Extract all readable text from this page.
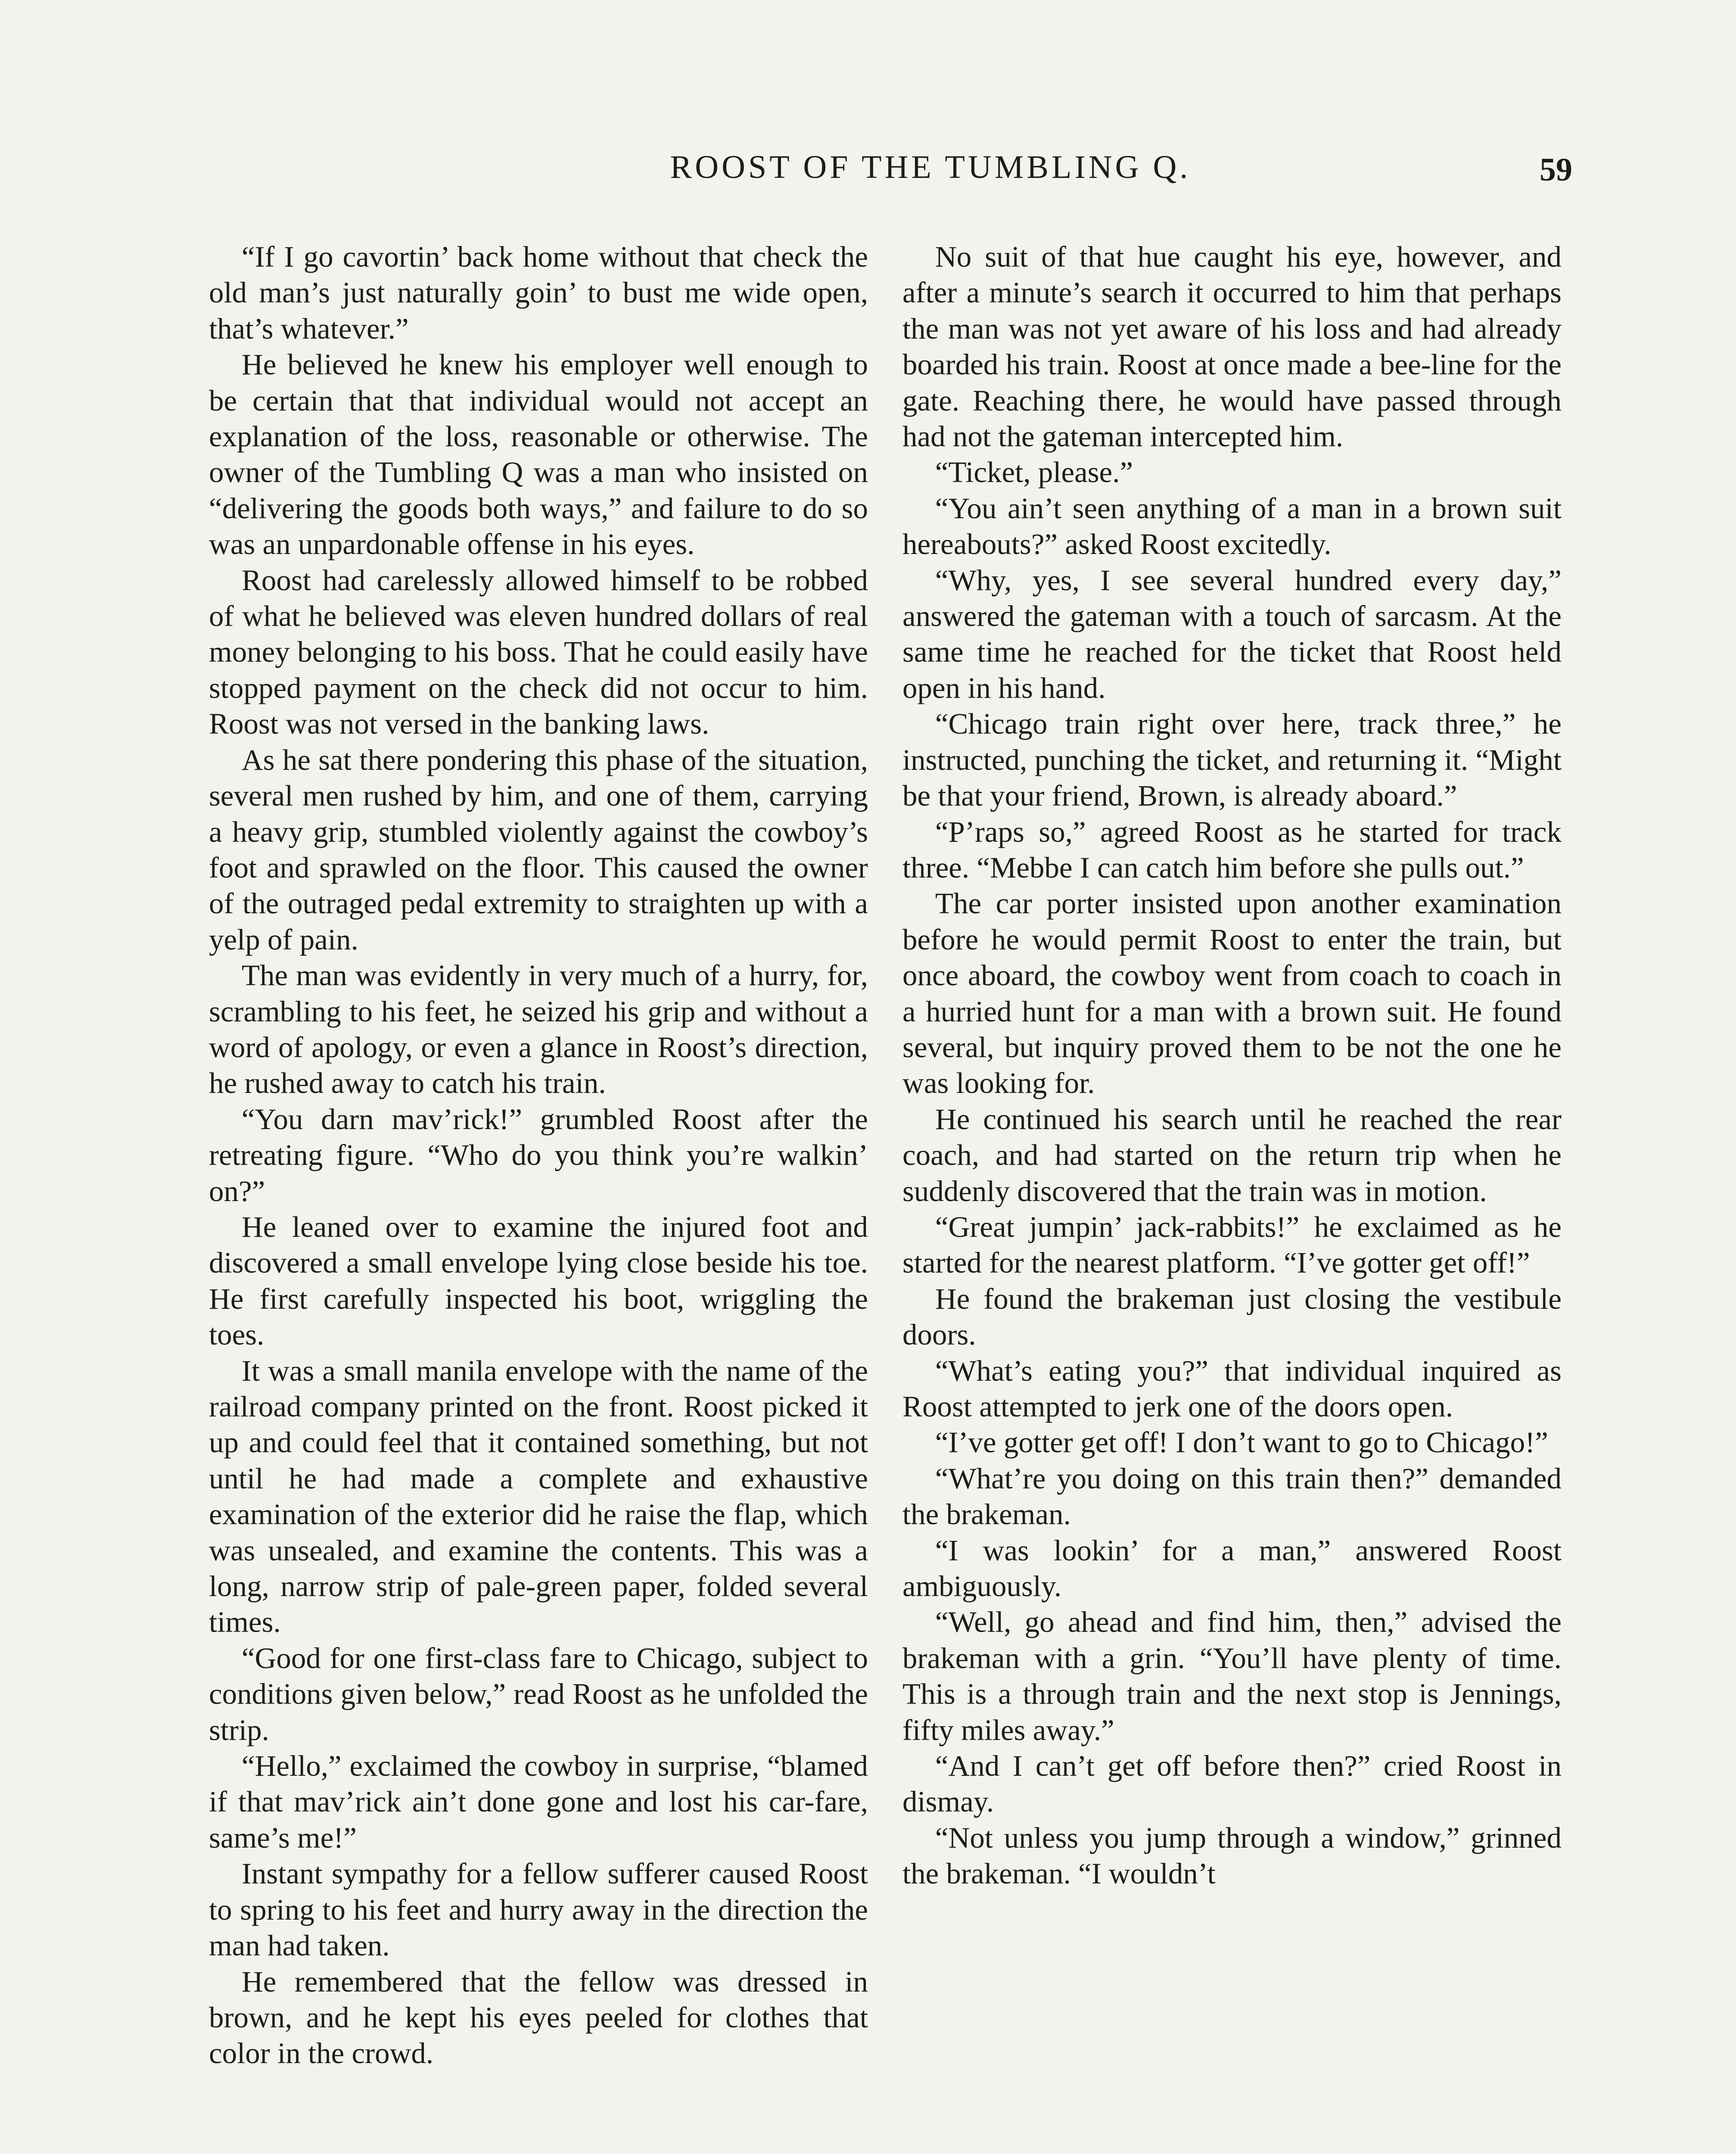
ROOST OF THE TUMBLING Q.	59

“If I go cavortin’ back home without that check the old man’s just naturally goin’ to bust me wide open, that’s whatever.”

He believed he knew his employer well enough to be certain that that individual would not accept an explanation of the loss, reasonable or otherwise. The owner of the Tumbling Q was a man who insisted on “delivering the goods both ways,” and failure to do so was an unpardonable offense in his eyes.

Roost had carelessly allowed himself to be robbed of what he believed was eleven hundred dollars of real money belonging to his boss. That he could easily have stopped payment on the check did not occur to him. Roost was not versed in the banking laws.

As he sat there pondering this phase of the situation, several men rushed by him, and one of them, carrying a heavy grip, stumbled violently against the cowboy’s foot and sprawled on the floor. This caused the owner of the outraged pedal extremity to straighten up with a yelp of pain.

The man was evidently in very much of a hurry, for, scrambling to his feet, he seized his grip and without a word of apology, or even a glance in Roost’s direction, he rushed away to catch his train.

“You darn mav’rick!” grumbled Roost after the retreating figure. “Who do you think you’re walkin’ on?”

He leaned over to examine the injured foot and discovered a small envelope lying close beside his toe. He first carefully inspected his boot, wriggling the toes.

It was a small manila envelope with the name of the railroad company printed on the front. Roost picked it up and could feel that it contained something, but not until he had made a complete and exhaustive examination of the exterior did he raise the flap, which was unsealed, and examine the contents. This was a long, narrow strip of pale-green paper, folded several times.

“Good for one first-class fare to Chicago, subject to conditions given below,” read Roost as he unfolded the strip.

“Hello,” exclaimed the cowboy in surprise, “blamed if that mav’rick ain’t done gone and lost his car-fare, same’s me!”

Instant sympathy for a fellow sufferer caused Roost to spring to his feet and hurry away in the direction the man had taken.

He remembered that the fellow was dressed in brown, and he kept his eyes peeled for clothes that color in the crowd.

No suit of that hue caught his eye, however, and after a minute’s search it occurred to him that perhaps the man was not yet aware of his loss and had already boarded his train. Roost at once made a bee-line for the gate. Reaching there, he would have passed through had not the gateman intercepted him.

“Ticket, please.”

“You ain’t seen anything of a man in a brown suit hereabouts?” asked Roost excitedly.

“Why, yes, I see several hundred every day,” answered the gateman with a touch of sarcasm. At the same time he reached for the ticket that Roost held open in his hand.

“Chicago train right over here, track three,” he instructed, punching the ticket, and returning it. “Might be that your friend, Brown, is already aboard.”

“P’raps so,” agreed Roost as he started for track three. “Mebbe I can catch him before she pulls out.”

The car porter insisted upon another examination before he would permit Roost to enter the train, but once aboard, the cowboy went from coach to coach in a hurried hunt for a man with a brown suit. He found several, but inquiry proved them to be not the one he was looking for.

He continued his search until he reached the rear coach, and had started on the return trip when he suddenly discovered that the train was in motion.

“Great jumpin’ jack-rabbits!” he exclaimed as he started for the nearest platform. “I’ve gotter get off!”

He found the brakeman just closing the vestibule doors.

“What’s eating you?” that individual inquired as Roost attempted to jerk one of the doors open.

“I’ve gotter get off! I don’t want to go to Chicago!”

“What’re you doing on this train then?” demanded the brakeman.

“I was lookin’ for a man,” answered Roost ambiguously.

“Well, go ahead and find him, then,” advised the brakeman with a grin. “You’ll have plenty of time. This is a through train and the next stop is Jennings, fifty miles away.”

“And I can’t get off before then?” cried Roost in dismay.

“Not unless you jump through a window,” grinned the brakeman. “I wouldn’t
